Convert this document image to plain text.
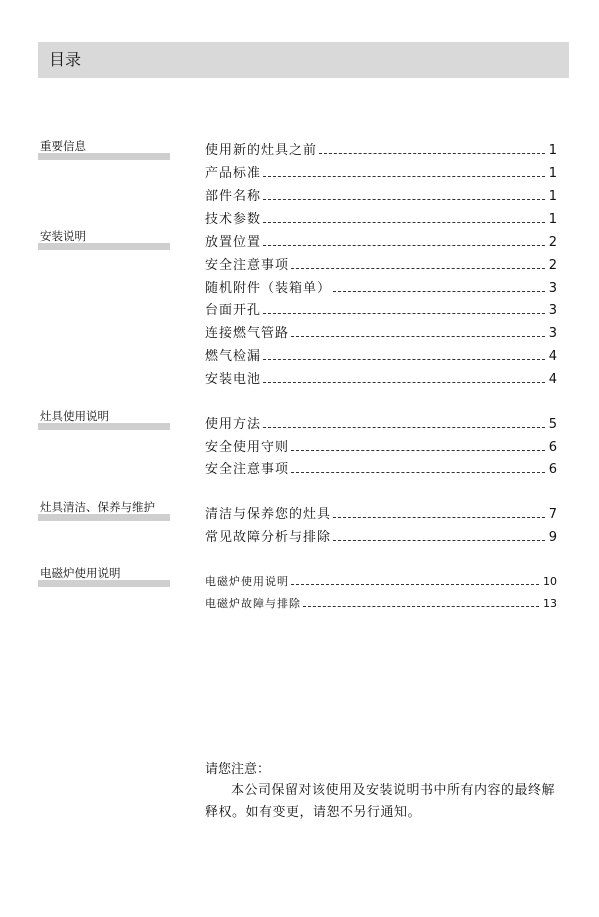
目录
重要信息
安装说明
灶具使用说明
灶具清洁、保养与维护
电磁炉使用说明
使用新的灶具之前	1
产品标准	1
部件名称	1
技术参数	1
放置位置	2
安全注意事项	2
随机附件（装箱单）	3
台面开孔	3
连接燃气管路	3
燃气检漏	4
安装电池	4
使用方法	5
安全使用守则	6
安全注意事项	6
清洁与保养您的灶具	7
常见故障分析与排除	9
电磁炉使用说明	10
电磁炉故障与排除	13
请您注意：
本公司保留对该使用及安装说明书中所有内容的最终解释权。如有变更，请恕不另行通知。
